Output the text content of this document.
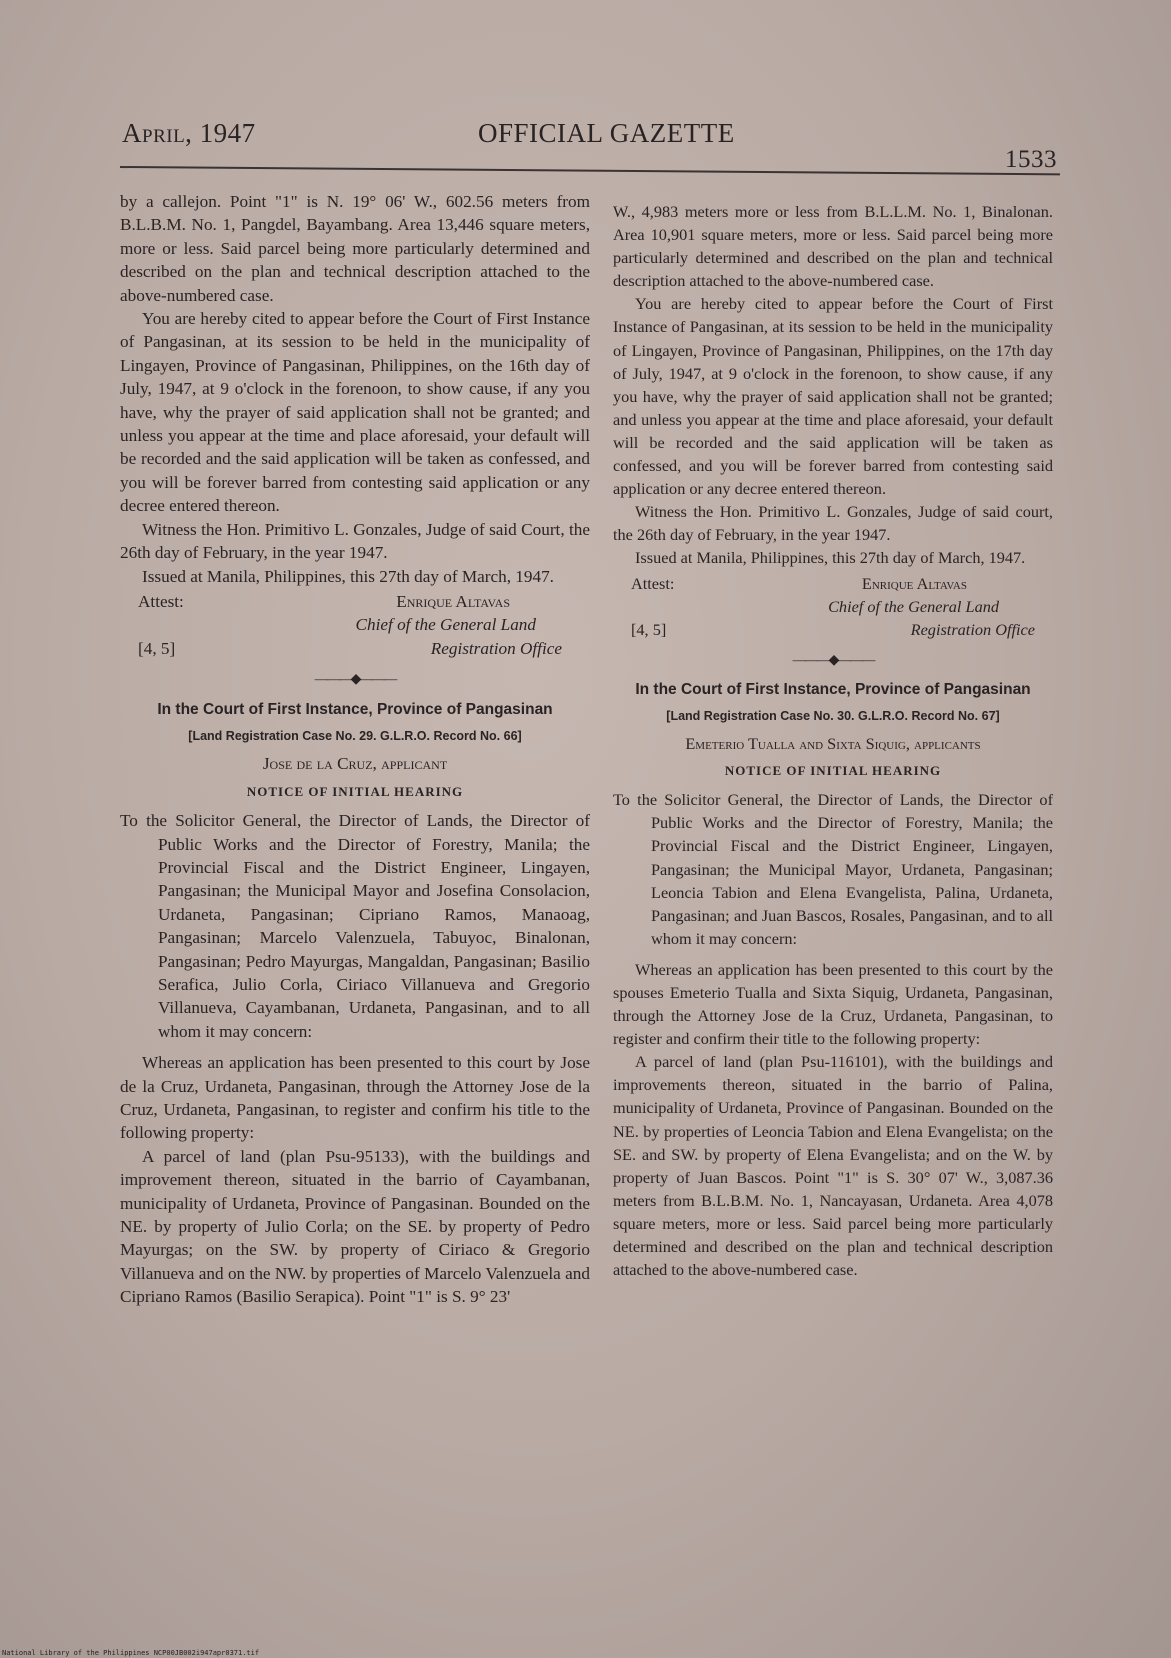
April, 1947	OFFICIAL GAZETTE
1533

by a callejon. Point "1" is N. 19° 06' W., 602.56 meters from B.L.B.M. No. 1, Pangdel, Bayambang. Area 13,446 square meters, more or less. Said parcel being more particularly determined and described on the plan and technical description attached to the above-numbered case.

You are hereby cited to appear before the Court of First Instance of Pangasinan, at its session to be held in the municipality of Lingayen, Province of Pangasinan, Philippines, on the 16th day of July, 1947, at 9 o'clock in the forenoon, to show cause, if any you have, why the prayer of said application shall not be granted; and unless you appear at the time and place aforesaid, your default will be recorded and the said application will be taken as confessed, and you will be forever barred from contesting said application or any decree entered thereon.

Witness the Hon. Primitivo L. Gonzales, Judge of said Court, the 26th day of February, in the year 1947.

Issued at Manila, Philippines, this 27th day of March, 1947.

Attest:	Enrique Altavas
Chief of the General Land
[4, 5]	Registration Office
———◆———
In the Court of First Instance, Province of Pangasinan
[Land Registration Case No. 29. G.L.R.O. Record No. 66]
Jose de la Cruz, applicant
NOTICE OF INITIAL HEARING
To the Solicitor General, the Director of Lands, the Director of Public Works and the Director of Forestry, Manila; the Provincial Fiscal and the District Engineer, Lingayen, Pangasinan; the Municipal Mayor and Josefina Consolacion, Urdaneta, Pangasinan; Cipriano Ramos, Manaoag, Pangasinan; Marcelo Valenzuela, Tabuyoc, Binalonan, Pangasinan; Pedro Mayurgas, Mangaldan, Pangasinan; Basilio Serafica, Julio Corla, Ciriaco Villanueva and Gregorio Villanueva, Cayambanan, Urdaneta, Pangasinan, and to all whom it may concern:

Whereas an application has been presented to this court by Jose de la Cruz, Urdaneta, Pangasinan, through the Attorney Jose de la Cruz, Urdaneta, Pangasinan, to register and confirm his title to the following property:

A parcel of land (plan Psu-95133), with the buildings and improvement thereon, situated in the barrio of Cayambanan, municipality of Urdaneta, Province of Pangasinan. Bounded on the NE. by property of Julio Corla; on the SE. by property of Pedro Mayurgas; on the SW. by property of Ciriaco & Gregorio Villanueva and on the NW. by properties of Marcelo Valenzuela and Cipriano Ramos (Basilio Serapica). Point "1" is S. 9° 23'

W., 4,983 meters more or less from B.L.L.M. No. 1, Binalonan. Area 10,901 square meters, more or less. Said parcel being more particularly determined and described on the plan and technical description attached to the above-numbered case.

You are hereby cited to appear before the Court of First Instance of Pangasinan, at its session to be held in the municipality of Lingayen, Province of Pangasinan, Philippines, on the 17th day of July, 1947, at 9 o'clock in the forenoon, to show cause, if any you have, why the prayer of said application shall not be granted; and unless you appear at the time and place aforesaid, your default will be recorded and the said application will be taken as confessed, and you will be forever barred from contesting said application or any decree entered thereon.

Witness the Hon. Primitivo L. Gonzales, Judge of said court, the 26th day of February, in the year 1947.

Issued at Manila, Philippines, this 27th day of March, 1947.

Attest:	Enrique Altavas
Chief of the General Land
[4, 5]	Registration Office
———◆———
In the Court of First Instance, Province of Pangasinan
[Land Registration Case No. 30. G.L.R.O. Record No. 67]
Emeterio Tualla and Sixta Siquig, applicants
NOTICE OF INITIAL HEARING
To the Solicitor General, the Director of Lands, the Director of Public Works and the Director of Forestry, Manila; the Provincial Fiscal and the District Engineer, Lingayen, Pangasinan; the Municipal Mayor, Urdaneta, Pangasinan; Leoncia Tabion and Elena Evangelista, Palina, Urdaneta, Pangasinan; and Juan Bascos, Rosales, Pangasinan, and to all whom it may concern:

Whereas an application has been presented to this court by the spouses Emeterio Tualla and Sixta Siquig, Urdaneta, Pangasinan, through the Attorney Jose de la Cruz, Urdaneta, Pangasinan, to register and confirm their title to the following property:

A parcel of land (plan Psu-116101), with the buildings and improvements thereon, situated in the barrio of Palina, municipality of Urdaneta, Province of Pangasinan. Bounded on the NE. by properties of Leoncia Tabion and Elena Evangelista; on the SE. and SW. by property of Elena Evangelista; and on the W. by property of Juan Bascos. Point "1" is S. 30° 07' W., 3,087.36 meters from B.L.B.M. No. 1, Nancayasan, Urdaneta. Area 4,078 square meters, more or less. Said parcel being more particularly determined and described on the plan and technical description attached to the above-numbered case.

National Library of the Philippines NCP00JB002i947apr0371.tif
